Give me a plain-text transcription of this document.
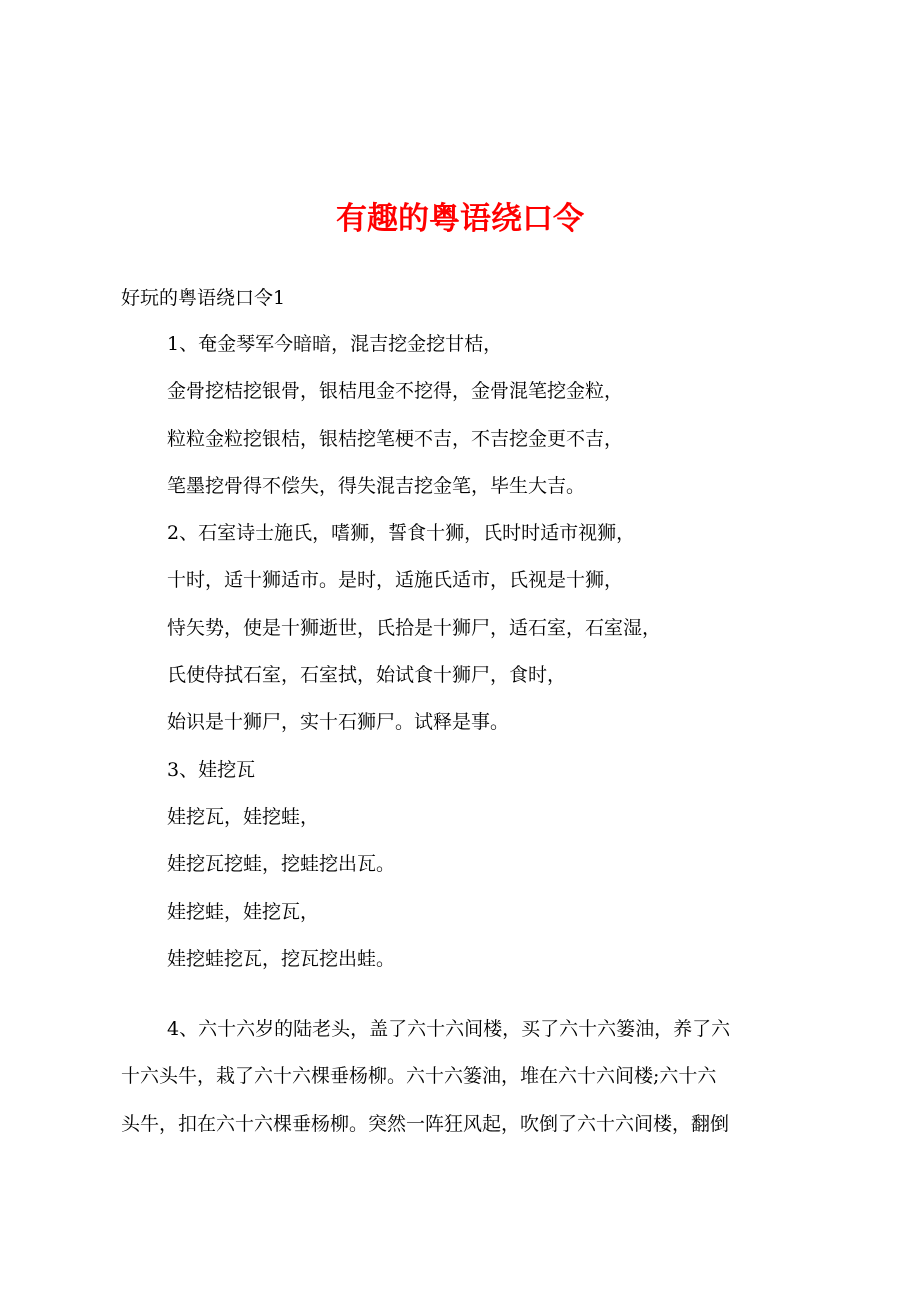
有趣的粤语绕口令

好玩的粤语绕口令1

1、奄金琴军今暗暗，混吉挖金挖甘桔，

金骨挖桔挖银骨，银桔甩金不挖得，金骨混笔挖金粒，

粒粒金粒挖银桔，银桔挖笔梗不吉，不吉挖金更不吉，

笔墨挖骨得不偿失，得失混吉挖金笔，毕生大吉。

2、石室诗士施氏，嗜狮，誓食十狮，氏时时适市视狮，

十时，适十狮适市。是时，适施氏适市，氏视是十狮，

恃矢势，使是十狮逝世，氏拾是十狮尸，适石室，石室湿，

氏使侍拭石室，石室拭，始试食十狮尸，食时，

始识是十狮尸，实十石狮尸。试释是事。

3、娃挖瓦

娃挖瓦，娃挖蛙，

娃挖瓦挖蛙，挖蛙挖出瓦。

娃挖蛙，娃挖瓦，

娃挖蛙挖瓦，挖瓦挖出蛙。

4、六十六岁的陆老头，盖了六十六间楼，买了六十六篓油，养了六
十六头牛，栽了六十六棵垂杨柳。六十六篓油，堆在六十六间楼;六十六
头牛，扣在六十六棵垂杨柳。突然一阵狂风起，吹倒了六十六间楼，翻倒
